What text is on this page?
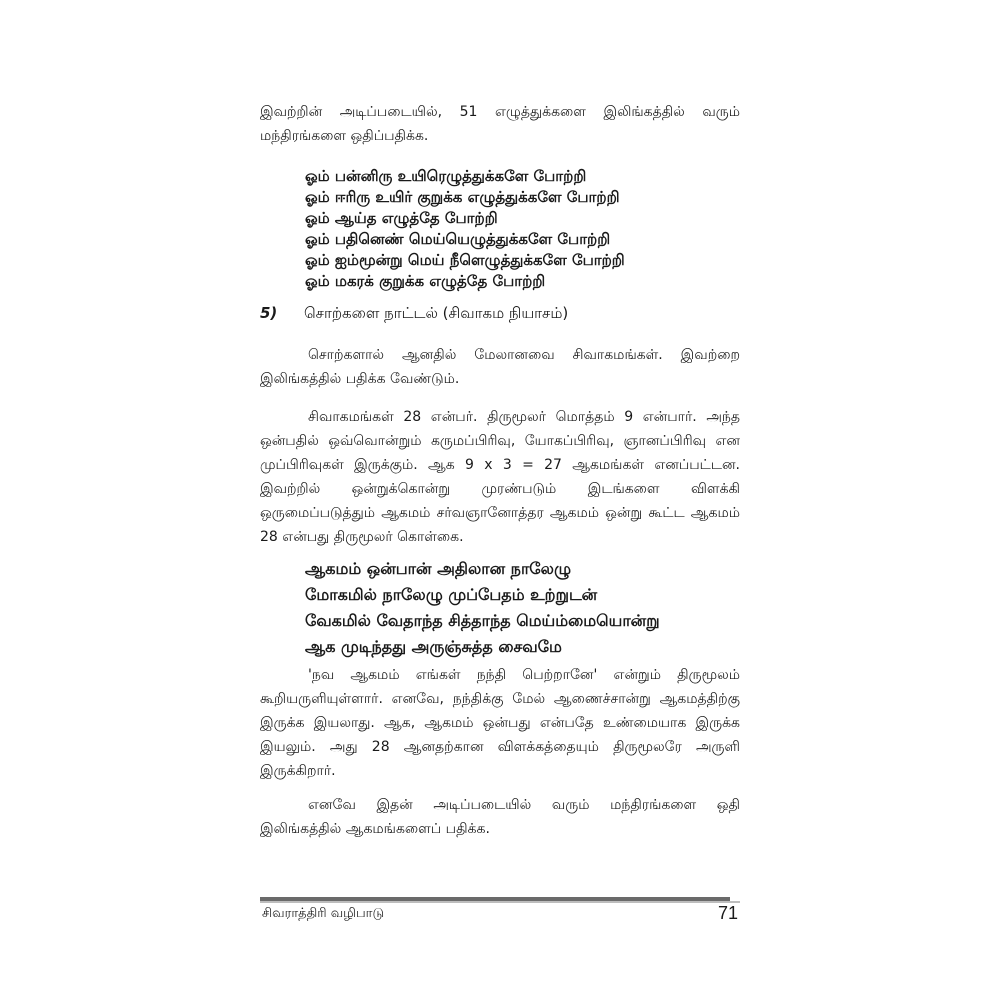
இவற்றின் அடிப்படையில், 51 எழுத்துக்களை இலிங்கத்தில் வரும் மந்திரங்களை ஒதிப்பதிக்க.

ஓம் பன்னிரு உயிரெழுத்துக்களே போற்றி
ஓம் ஈரிரு உயிர் குறுக்க எழுத்துக்களே போற்றி
ஓம் ஆய்த எழுத்தே போற்றி
ஓம் பதினெண் மெய்யெழுத்துக்களே போற்றி
ஓம் ஐம்மூன்று மெய் நீளெழுத்துக்களே போற்றி
ஓம் மகரக் குறுக்க எழுத்தே போற்றி

5) சொற்களை நாட்டல் (சிவாகம நியாசம்)

சொற்களால் ஆனதில் மேலானவை சிவாகமங்கள். இவற்றை இலிங்கத்தில் பதிக்க வேண்டும்.

சிவாகமங்கள் 28 என்பர். திருமூலர் மொத்தம் 9 என்பார். அந்த ஒன்பதில் ஒவ்வொன்றும் கருமப்பிரிவு, யோகப்பிரிவு, ஞானப்பிரிவு என முப்பிரிவுகள் இருக்கும். ஆக 9 x 3 = 27 ஆகமங்கள் எனப்பட்டன. இவற்றில் ஒன்றுக்கொன்று முரண்படும் இடங்களை விளக்கி ஒருமைப்படுத்தும் ஆகமம் சர்வஞானோத்தர ஆகமம் ஒன்று கூட்ட ஆகமம் 28 என்பது திருமூலர் கொள்கை.

ஆகமம் ஒன்பான் அதிலான நாலேழு
மோகமில் நாலேழு முப்பேதம் உற்றுடன்
வேகமில் வேதாந்த சித்தாந்த மெய்ம்மையொன்று
ஆக முடிந்தது அருஞ்சுத்த சைவமே

'நவ ஆகமம் எங்கள் நந்தி பெற்றானே' என்றும் திருமூலம் கூறியருளியுள்ளார். எனவே, நந்திக்கு மேல் ஆணைச்சான்று ஆகமத்திற்கு இருக்க இயலாது. ஆக, ஆகமம் ஒன்பது என்பதே உண்மையாக இருக்க இயலும். அது 28 ஆனதற்கான விளக்கத்தையும் திருமூலரே அருளி இருக்கிறார்.

எனவே இதன் அடிப்படையில் வரும் மந்திரங்களை ஒதி இலிங்கத்தில் ஆகமங்களைப் பதிக்க.

சிவராத்திரி வழிபாடு	71
